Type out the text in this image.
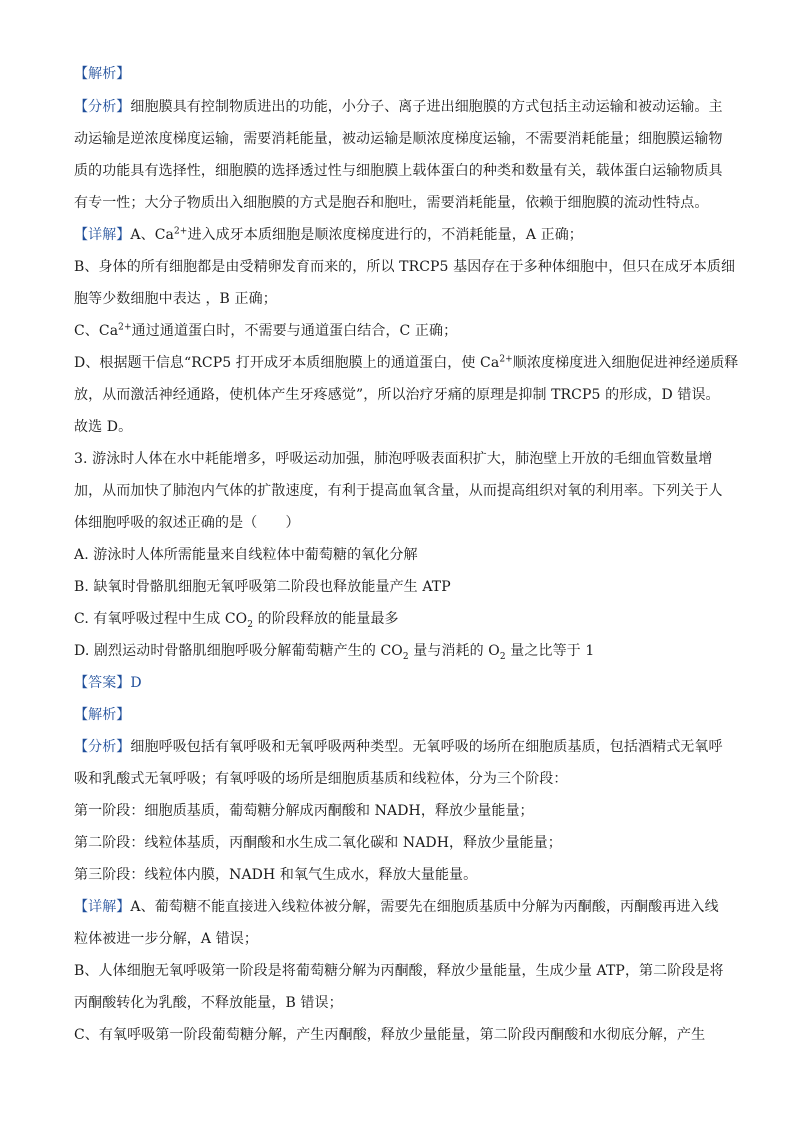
【解析】
【分析】细胞膜具有控制物质进出的功能，小分子、离子进出细胞膜的方式包括主动运输和被动运输。主
动运输是逆浓度梯度运输，需要消耗能量，被动运输是顺浓度梯度运输，不需要消耗能量；细胞膜运输物
质的功能具有选择性，细胞膜的选择透过性与细胞膜上载体蛋白的种类和数量有关，载体蛋白运输物质具
有专一性；大分子物质出入细胞膜的方式是胞吞和胞吐，需要消耗能量，依赖于细胞膜的流动性特点。
【详解】A、$Ca^{2+}$进入成牙本质细胞是顺浓度梯度进行的，不消耗能量，A 正确；
B、身体的所有细胞都是由受精卵发育而来的，所以 TRCP5 基因存在于多种体细胞中，但只在成牙本质细
胞等少数细胞中表达 ，B 正确；
C、$Ca^{2+}$通过通道蛋白时，不需要与通道蛋白结合，C 正确；
D、根据题干信息“RCP5 打开成牙本质细胞膜上的通道蛋白，使 $Ca^{2+}$顺浓度梯度进入细胞促进神经递质释
放，从而激活神经通路，使机体产生牙疼感觉”，所以治疗牙痛的原理是抑制 TRCP5 的形成，D 错误。
故选 D。
3. 游泳时人体在水中耗能增多，呼吸运动加强，肺泡呼吸表面积扩大，肺泡壁上开放的毛细血管数量增
加，从而加快了肺泡内气体的扩散速度，有利于提高血氧含量，从而提高组织对氧的利用率。下列关于人
体细胞呼吸的叙述正确的是（　　）
A. 游泳时人体所需能量来自线粒体中葡萄糖的氧化分解
B. 缺氧时骨骼肌细胞无氧呼吸第二阶段也释放能量产生 ATP
C. 有氧呼吸过程中生成 $CO_2$ 的阶段释放的能量最多
D. 剧烈运动时骨骼肌细胞呼吸分解葡萄糖产生的 $CO_2$ 量与消耗的 $O_2$ 量之比等于 1
【答案】D
【解析】
【分析】细胞呼吸包括有氧呼吸和无氧呼吸两种类型。无氧呼吸的场所在细胞质基质，包括酒精式无氧呼
吸和乳酸式无氧呼吸；有氧呼吸的场所是细胞质基质和线粒体，分为三个阶段：
第一阶段：细胞质基质，葡萄糖分解成丙酮酸和 NADH，释放少量能量；
第二阶段：线粒体基质，丙酮酸和水生成二氧化碳和 NADH，释放少量能量；
第三阶段：线粒体内膜，NADH 和氧气生成水，释放大量能量。
【详解】A、葡萄糖不能直接进入线粒体被分解，需要先在细胞质基质中分解为丙酮酸，丙酮酸再进入线
粒体被进一步分解，A 错误；
B、人体细胞无氧呼吸第一阶段是将葡萄糖分解为丙酮酸，释放少量能量，生成少量 ATP，第二阶段是将
丙酮酸转化为乳酸，不释放能量，B 错误；
C、有氧呼吸第一阶段葡萄糖分解，产生丙酮酸，释放少量能量，第二阶段丙酮酸和水彻底分解，产生
